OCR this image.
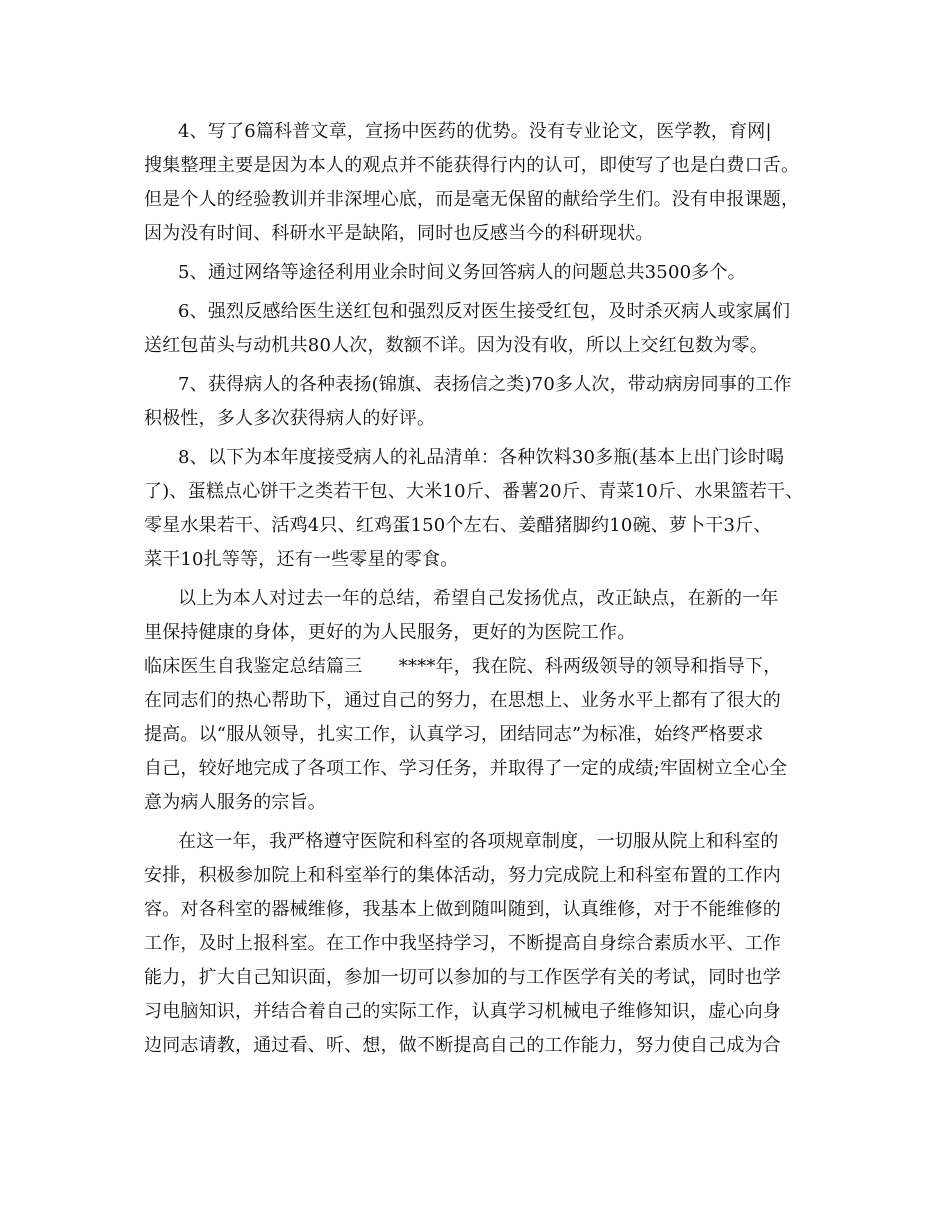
4、写了6篇科普文章，宣扬中医药的优势。没有专业论文，医学教，育网|
搜集整理主要是因为本人的观点并不能获得行内的认可，即使写了也是白费口舌。
但是个人的经验教训并非深埋心底，而是毫无保留的献给学生们。没有申报课题，
因为没有时间、科研水平是缺陷，同时也反感当今的科研现状。
5、通过网络等途径利用业余时间义务回答病人的问题总共3500多个。
6、强烈反感给医生送红包和强烈反对医生接受红包，及时杀灭病人或家属们
送红包苗头与动机共80人次，数额不详。因为没有收，所以上交红包数为零。
7、获得病人的各种表扬(锦旗、表扬信之类)70多人次，带动病房同事的工作
积极性，多人多次获得病人的好评。
8、以下为本年度接受病人的礼品清单：各种饮料30多瓶(基本上出门诊时喝
了)、蛋糕点心饼干之类若干包、大米10斤、番薯20斤、青菜10斤、水果篮若干、
零星水果若干、活鸡4只、红鸡蛋150个左右、姜醋猪脚约10碗、萝卜干3斤、
菜干10扎等等，还有一些零星的零食。
以上为本人对过去一年的总结，希望自己发扬优点，改正缺点，在新的一年
里保持健康的身体，更好的为人民服务，更好的为医院工作。
临床医生自我鉴定总结篇三　　****年，我在院、科两级领导的领导和指导下，
在同志们的热心帮助下，通过自己的努力，在思想上、业务水平上都有了很大的
提高。以“服从领导，扎实工作，认真学习，团结同志”为标准，始终严格要求
自己，较好地完成了各项工作、学习任务，并取得了一定的成绩;牢固树立全心全
意为病人服务的宗旨。
在这一年，我严格遵守医院和科室的各项规章制度，一切服从院上和科室的
安排，积极参加院上和科室举行的集体活动，努力完成院上和科室布置的工作内
容。对各科室的器械维修，我基本上做到随叫随到，认真维修，对于不能维修的
工作，及时上报科室。在工作中我坚持学习，不断提高自身综合素质水平、工作
能力，扩大自己知识面，参加一切可以参加的与工作医学有关的考试，同时也学
习电脑知识，并结合着自己的实际工作，认真学习机械电子维修知识，虚心向身
边同志请教，通过看、听、想，做不断提高自己的工作能力，努力使自己成为合
